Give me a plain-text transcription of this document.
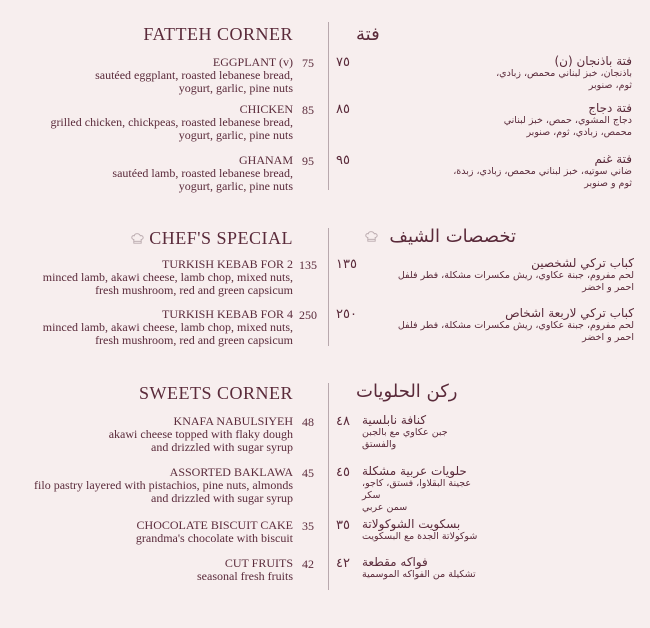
FATTEH CORNER	فتة
EGGPLANT (v)
sautéed eggplant, roasted lebanese bread,
yogurt, garlic, pine nuts
75	٧٥	فتة باذنجان (ن)
باذنجان، خبز لبناني محمص، زبادي،
ثوم، صنوبر
CHICKEN
grilled chicken, chickpeas, roasted lebanese bread,
yogurt, garlic, pine nuts
85	٨٥	فتة دجاج
دجاج المشوي، حمص، خبز لبناني
محمص، زبادي، ثوم، صنوبر
GHANAM
sautéed lamb, roasted lebanese bread,
yogurt, garlic, pine nuts
95	٩٥	فتة غنم
ضاني سوتيه، خبز لبناني محمص، زبادي، زبدة،
ثوم و صنوبر
CHEF'S SPECIAL	تخصصات الشيف
TURKISH KEBAB FOR 2
minced lamb, akawi cheese, lamb chop, mixed nuts,
fresh mushroom, red and green capsicum
135 ١٣٥	كباب تركي لشخصين
لحم مفروم، جبنة عكاوي، ريش مكسرات مشكلة، فطر فلفل
احمر و اخضر
TURKISH KEBAB FOR 4
minced lamb, akawi cheese, lamb chop, mixed nuts,
fresh mushroom, red and green capsicum
250 ٢٥٠	كباب تركي لاربعة اشخاص
لحم مفروم، جبنة عكاوي، ريش مكسرات مشكلة، فطر فلفل
احمر و اخضر
SWEETS CORNER	ركن الحلويات
KNAFA NABULSIYEH
akawi cheese topped with flaky dough
and drizzled with sugar syrup
48	٤٨	كنافة نابلسية
جبن عكاوي مع بالجبن والفستق
ASSORTED BAKLAWA
filo pastry layered with pistachios, pine nuts, almonds
and drizzled with sugar syrup
45	٤٥	حلويات عربية مشكلة
عجينة البقلاوا، فستق، كاجو، سكر
سمن عربي
CHOCOLATE BISCUIT CAKE
grandma's chocolate with biscuit
35	٣٥	بسكويت الشوكولاتة
شوكولاتة الجدة مع البسكويت
CUT FRUITS
seasonal fresh fruits
42	٤٢	فواكه مقطعة
تشكيلة من الفواكه الموسمية
